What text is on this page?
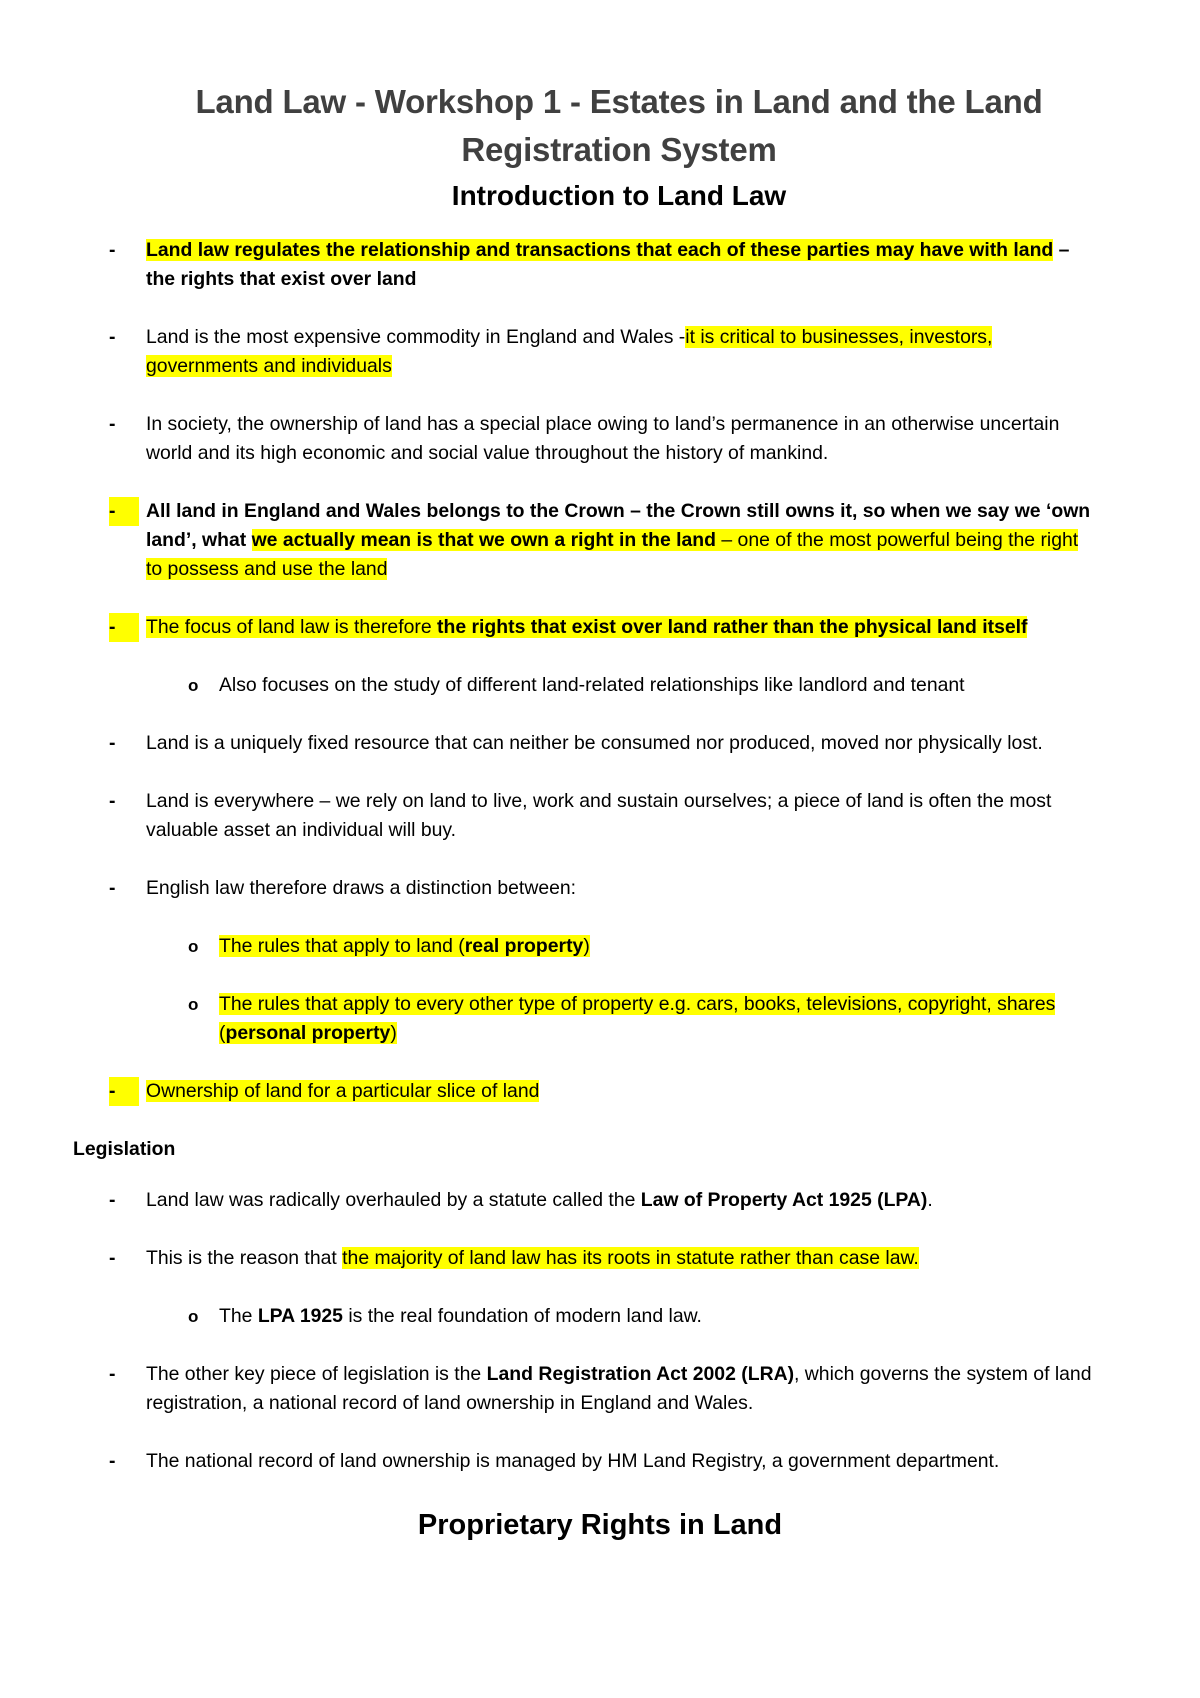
Land Law - Workshop 1 - Estates in Land and the Land
Registration System
Introduction to Land Law
- Land law regulates the relationship and transactions that each of these parties may have with land – the rights that exist over land
- Land is the most expensive commodity in England and Wales -it is critical to businesses, investors, governments and individuals
- In society, the ownership of land has a special place owing to land’s permanence in an otherwise uncertain world and its high economic and social value throughout the history of mankind.
-	All land in England and Wales belongs to the Crown – the Crown still owns it, so when we say we ‘own land’, what we actually mean is that we own a right in the land – one of the most powerful being the right to possess and use the land
-	The focus of land law is therefore the rights that exist over land rather than the physical land itself
o Also focuses on the study of different land-related relationships like landlord and tenant
- Land is a uniquely fixed resource that can neither be consumed nor produced, moved nor physically lost.
- Land is everywhere – we rely on land to live, work and sustain ourselves; a piece of land is often the most valuable asset an individual will buy.
- English law therefore draws a distinction between:
o The rules that apply to land (real property)
o The rules that apply to every other type of property e.g. cars, books, televisions, copyright, shares (personal property)
-	Ownership of land for a particular slice of land
Legislation
- Land law was radically overhauled by a statute called the Law of Property Act 1925 (LPA).
- This is the reason that the majority of land law has its roots in statute rather than case law.
o The LPA 1925 is the real foundation of modern land law.
- The other key piece of legislation is the Land Registration Act 2002 (LRA), which governs the system of land registration, a national record of land ownership in England and Wales.
- The national record of land ownership is managed by HM Land Registry, a government department.
Proprietary Rights in Land
